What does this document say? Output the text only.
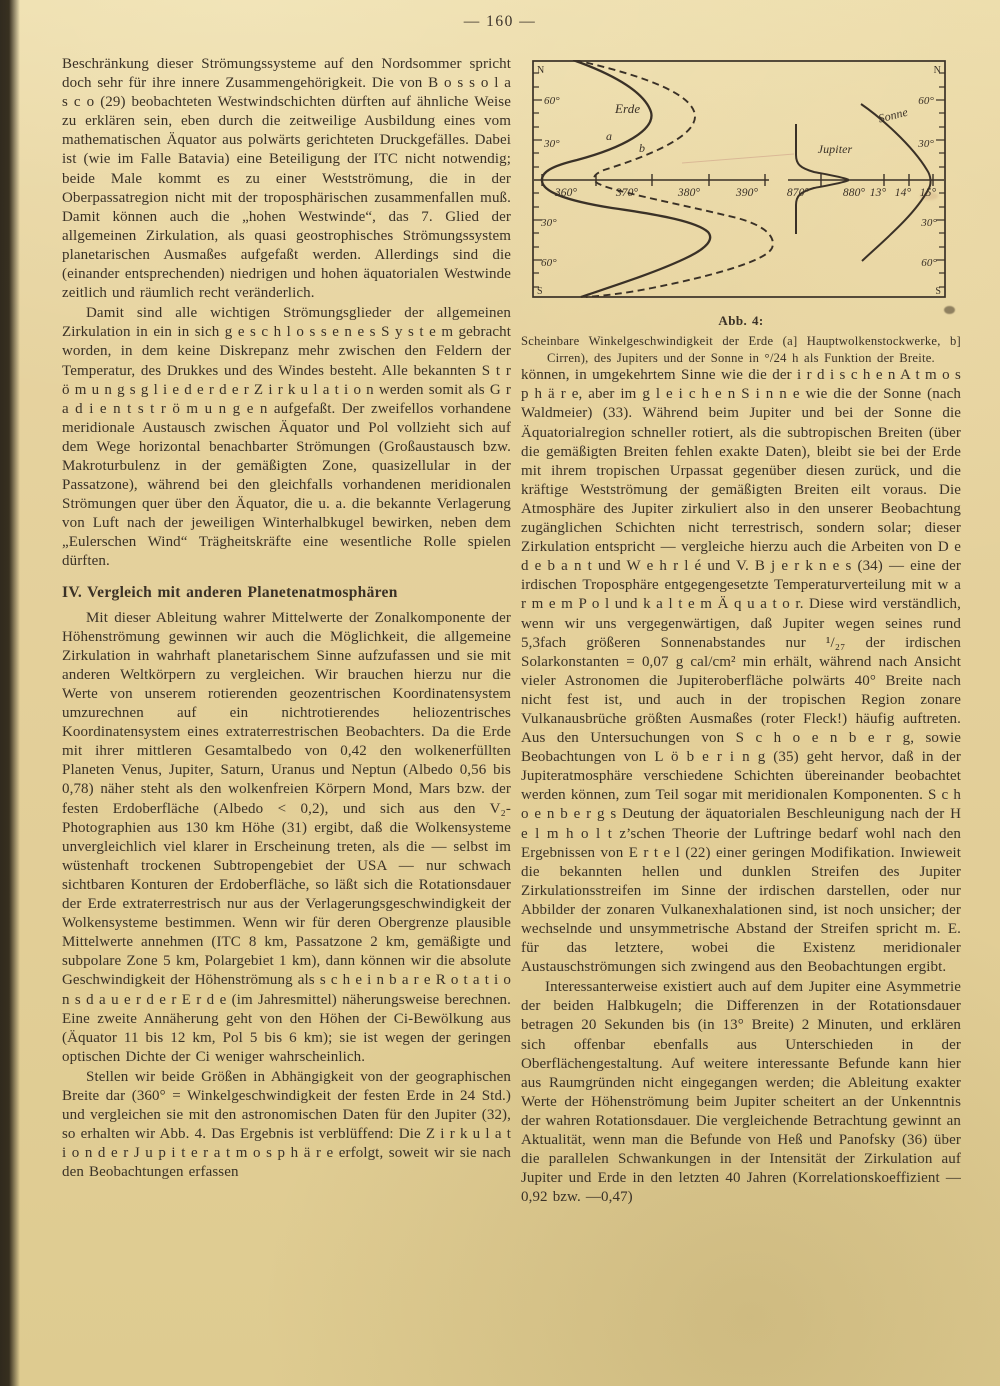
— 160 —

Beschränkung dieser Strömungssysteme auf den Nordsommer spricht doch sehr für ihre innere Zusammengehörigkeit. Die von B o s s o l a s c o (29) beobachteten Westwindschichten dürften auf ähnliche Weise zu erklären sein, eben durch die zeitweilige Ausbildung eines vom mathematischen Äquator aus polwärts gerichteten Druckgefälles. Dabei ist (wie im Falle Batavia) eine Beteiligung der ITC nicht notwendig; beide Male kommt es zu einer Westströmung, die in der Oberpassatregion nicht mit der troposphärischen zusammenfallen muß. Damit können auch die „hohen Westwinde“, das 7. Glied der allgemeinen Zirkulation, als quasi geostrophisches Strömungssystem planetarischen Ausmaßes aufgefaßt werden. Allerdings sind die (einander entsprechenden) niedrigen und hohen äquatorialen Westwinde zeitlich und räumlich recht veränderlich.

Damit sind alle wichtigen Strömungsglieder der allgemeinen Zirkulation in ein in sich g e s c h l o s s e n e s S y s t e m gebracht worden, in dem keine Diskrepanz mehr zwischen den Feldern der Temperatur, des Drukkes und des Windes besteht. Alle bekannten S t r ö m u n g s g l i e d e r d e r Z i r k u l a t i o n werden somit als G r a d i e n t s t r ö m u n g e n aufgefaßt. Der zweifellos vorhandene meridionale Austausch zwischen Äquator und Pol vollzieht sich auf dem Wege horizontal benachbarter Strömungen (Großaustausch bzw. Makroturbulenz in der gemäßigten Zone, quasizellular in der Passatzone), während bei den gleichfalls vorhandenen meridionalen Strömungen quer über den Äquator, die u. a. die bekannte Verlagerung von Luft nach der jeweiligen Winterhalbkugel bewirken, neben dem „Eulerschen Wind“ Trägheitskräfte eine wesentliche Rolle spielen dürften.

IV. Vergleich mit anderen Planetenatmosphären

Mit dieser Ableitung wahrer Mittelwerte der Zonalkomponente der Höhenströmung gewinnen wir auch die Möglichkeit, die allgemeine Zirkulation in wahrhaft planetarischem Sinne aufzufassen und sie mit anderen Weltkörpern zu vergleichen. Wir brauchen hierzu nur die Werte von unserem rotierenden geozentrischen Koordinatensystem umzurechnen auf ein nichtrotierendes heliozentrisches Koordinatensystem eines extraterrestrischen Beobachters. Da die Erde mit ihrer mittleren Gesamtalbedo von 0,42 den wolkenerfüllten Planeten Venus, Jupiter, Saturn, Uranus und Neptun (Albedo 0,56 bis 0,78) näher steht als den wolkenfreien Körpern Mond, Mars bzw. der festen Erdoberfläche (Albedo < 0,2), und sich aus den V₂-Photographien aus 130 km Höhe (31) ergibt, daß die Wolkensysteme unvergleichlich viel klarer in Erscheinung treten, als die — selbst im wüstenhaft trockenen Subtropengebiet der USA — nur schwach sichtbaren Konturen der Erdoberfläche, so läßt sich die Rotationsdauer der Erde extraterrestrisch nur aus der Verlagerungsgeschwindigkeit der Wolkensysteme bestimmen. Wenn wir für deren Obergrenze plausible Mittelwerte annehmen (ITC 8 km, Passatzone 2 km, gemäßigte und subpolare Zone 5 km, Polargebiet 1 km), dann können wir die absolute Geschwindigkeit der Höhenströmung als s c h e i n b a r e R o t a t i o n s d a u e r d e r E r d e (im Jahresmittel) näherungsweise berechnen. Eine zweite Annäherung geht von den Höhen der Ci-Bewölkung aus (Äquator 11 bis 12 km, Pol 5 bis 6 km); sie ist wegen der geringen optischen Dichte der Ci weniger wahrscheinlich.

Stellen wir beide Größen in Abhängigkeit von der geographischen Breite dar (360° = Winkelgeschwindigkeit der festen Erde in 24 Std.) und vergleichen sie mit den astronomischen Daten für den Jupiter (32), so erhalten wir Abb. 4. Das Ergebnis ist verblüffend: Die Z i r k u l a t i o n d e r J u p i t e r a t m o s p h ä r e erfolgt, soweit wir sie nach den Beobachtungen erfassen

360°	370°	380°	390°	870°	880° 13° 14° 15°
60°
30°
30°
60°
60°
30°
30°
60°
N	N
S	S
Erde
a
b	Jupiter
Sonne
Abb. 4:
Scheinbare Winkelgeschwindigkeit der Erde (a] Hauptwolkenstockwerke, b] Cirren), des Jupiters und der Sonne in °/24 h als Funktion der Breite.

können, in umgekehrtem Sinne wie die der i r d i s c h e n A t m o s p h ä r e, aber im g l e i c h e n S i n n e wie die der Sonne (nach Waldmeier) (33). Während beim Jupiter und bei der Sonne die Äquatorialregion schneller rotiert, als die subtropischen Breiten (über die gemäßigten Breiten fehlen exakte Daten), bleibt sie bei der Erde mit ihrem tropischen Urpassat gegenüber diesen zurück, und die kräftige Westströmung der gemäßigten Breiten eilt voraus. Die Atmosphäre des Jupiter zirkuliert also in den unserer Beobachtung zugänglichen Schichten nicht terrestrisch, sondern solar; dieser Zirkulation entspricht — vergleiche hierzu auch die Arbeiten von D e d e b a n t und W e h r l é und V. B j e r k n e s (34) — eine der irdischen Troposphäre entgegengesetzte Temperaturverteilung mit w a r m e m P o l und k a l t e m Ä q u a t o r. Diese wird verständlich, wenn wir uns vergegenwärtigen, daß Jupiter wegen seines rund 5,3fach größeren Sonnenabstandes nur ¹/₂₇ der irdischen Solarkonstanten = 0,07 g cal/cm² min erhält, während nach Ansicht vieler Astronomen die Jupiteroberfläche polwärts 40° Breite nach nicht fest ist, und auch in der tropischen Region zonare Vulkanausbrüche größten Ausmaßes (roter Fleck!) häufig auftreten. Aus den Untersuchungen von S c h o e n b e r g, sowie Beobachtungen von L ö b e r i n g (35) geht hervor, daß in der Jupiteratmosphäre verschiedene Schichten übereinander beobachtet werden können, zum Teil sogar mit meridionalen Komponenten. S c h o e n b e r g s Deutung der äquatorialen Beschleunigung nach der H e l m h o l t z’schen Theorie der Luftringe bedarf wohl nach den Ergebnissen von E r t e l (22) einer geringen Modifikation. Inwieweit die bekannten hellen und dunklen Streifen des Jupiter Zirkulationsstreifen im Sinne der irdischen darstellen, oder nur Abbilder der zonaren Vulkanexhalationen sind, ist noch unsicher; der wechselnde und unsymmetrische Abstand der Streifen spricht m. E. für das letztere, wobei die Existenz meridionaler Austauschströmungen sich zwingend aus den Beobachtungen ergibt.

Interessanterweise existiert auch auf dem Jupiter eine Asymmetrie der beiden Halbkugeln; die Differenzen in der Rotationsdauer betragen 20 Sekunden bis (in 13° Breite) 2 Minuten, und erklären sich offenbar ebenfalls aus Unterschieden in der Oberflächengestaltung. Auf weitere interessante Befunde kann hier aus Raumgründen nicht eingegangen werden; die Ableitung exakter Werte der Höhenströmung beim Jupiter scheitert an der Unkenntnis der wahren Rotationsdauer. Die vergleichende Betrachtung gewinnt an Aktualität, wenn man die Befunde von Heß und Panofsky (36) über die parallelen Schwankungen in der Intensität der Zirkulation auf Jupiter und Erde in den letzten 40 Jahren (Korrelationskoeffizient —0,92 bzw. —0,47)
